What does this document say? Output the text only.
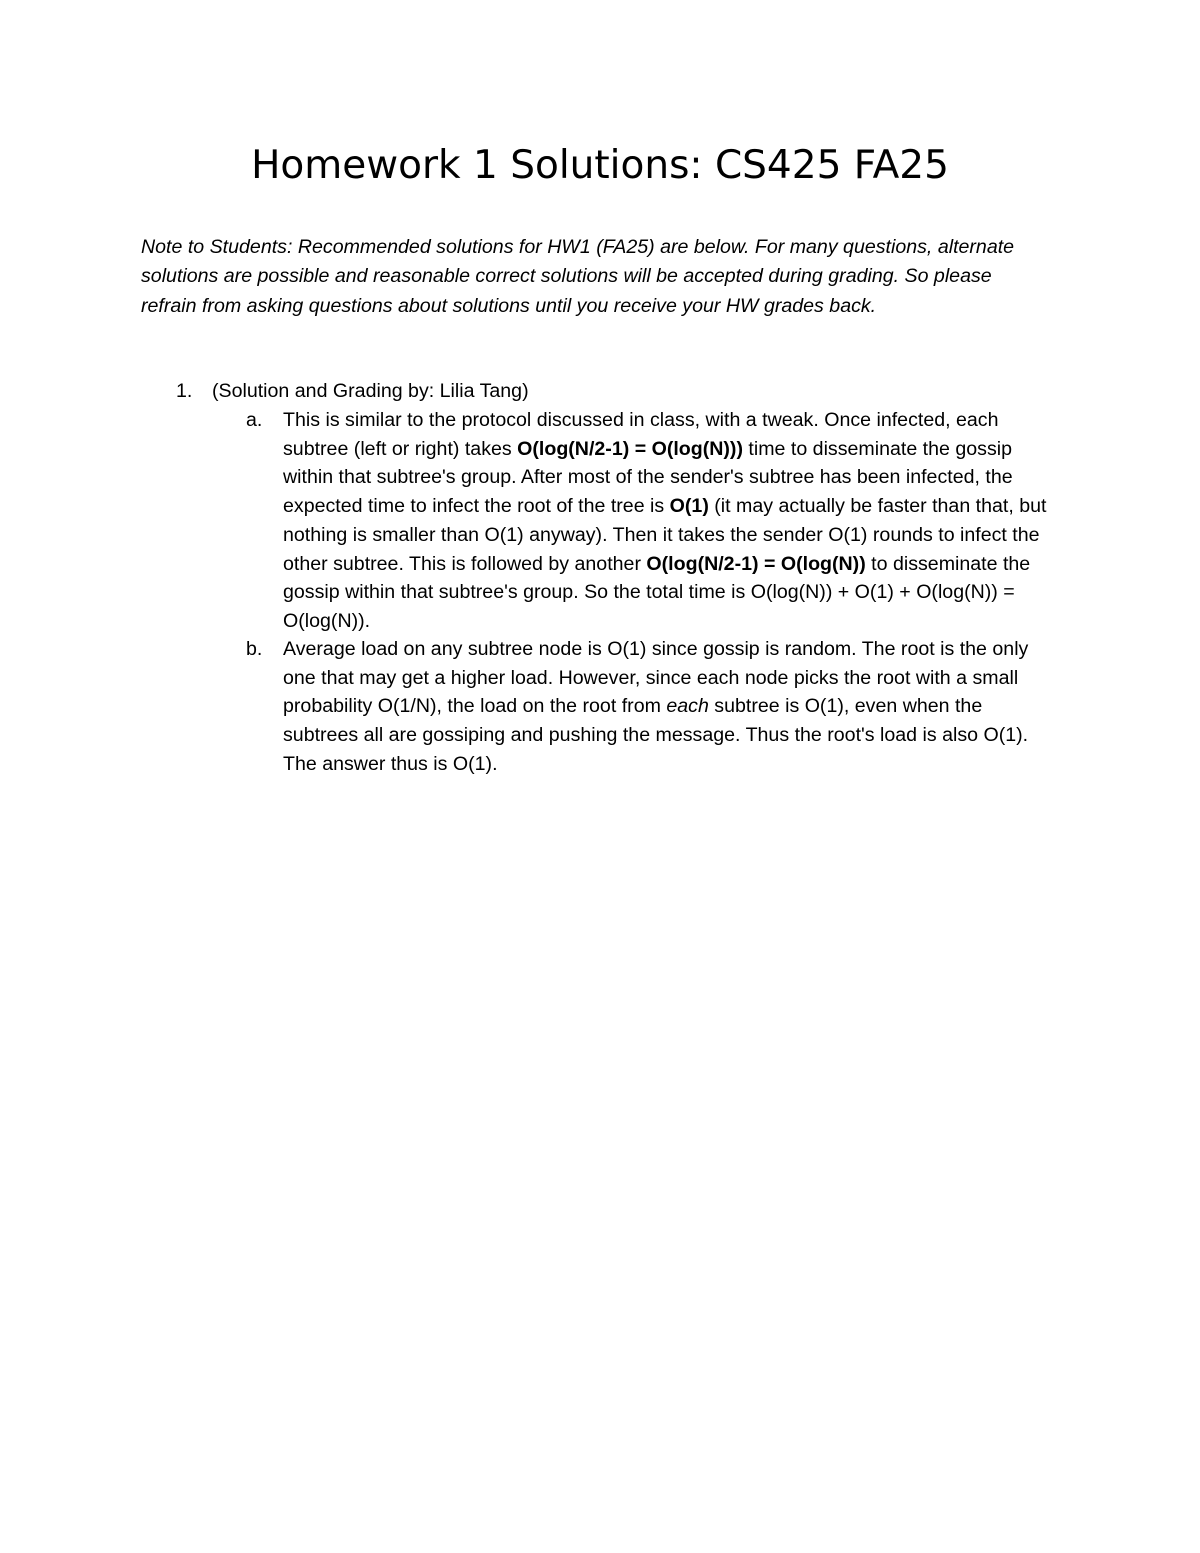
Homework 1 Solutions: CS425 FA25
Note to Students: Recommended solutions for HW1 (FA25) are below. For many questions, alternate solutions are possible and reasonable correct solutions will be accepted during grading. So please refrain from asking questions about solutions until you receive your HW grades back.
1. (Solution and Grading by: Lilia Tang)
a. This is similar to the protocol discussed in class, with a tweak. Once infected, each subtree (left or right) takes O(log(N/2-1) = O(log(N))) time to disseminate the gossip within that subtree's group. After most of the sender's subtree has been infected, the expected time to infect the root of the tree is O(1) (it may actually be faster than that, but nothing is smaller than O(1) anyway). Then it takes the sender O(1) rounds to infect the other subtree. This is followed by another O(log(N/2-1) = O(log(N)) to disseminate the gossip within that subtree's group. So the total time is O(log(N)) + O(1) + O(log(N)) = O(log(N)).
b. Average load on any subtree node is O(1) since gossip is random. The root is the only one that may get a higher load. However, since each node picks the root with a small probability O(1/N), the load on the root from each subtree is O(1), even when the subtrees all are gossiping and pushing the message. Thus the root's load is also O(1). The answer thus is O(1).
